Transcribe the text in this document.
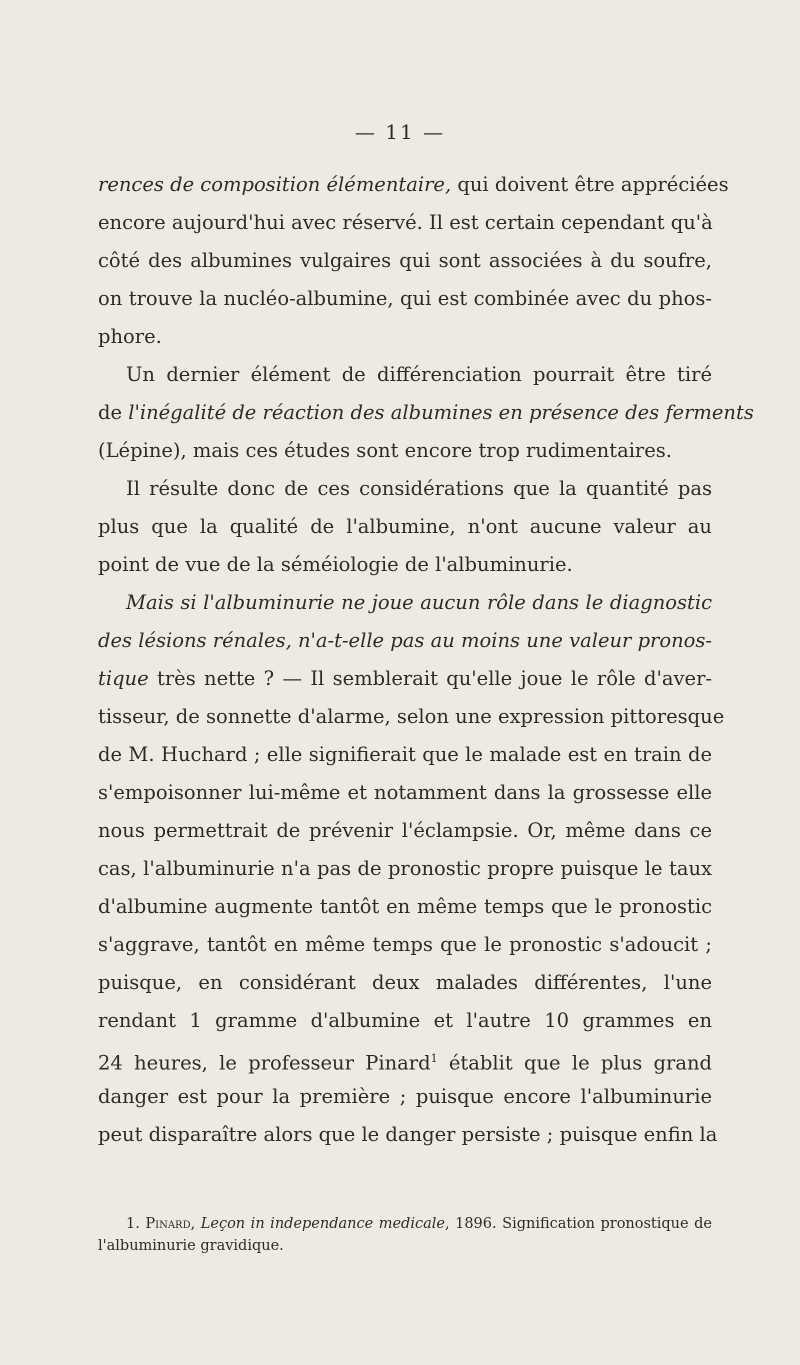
— 11 —
rences de composition élémentaire, qui doivent être appréciées
encore aujourd'hui avec réservé. Il est certain cependant qu'à
côté des albumines vulgaires qui sont associées à du soufre,
on trouve la nucléo-albumine, qui est combinée avec du phos-
phore.
Un dernier élément de différenciation pourrait être tiré
de l'inégalité de réaction des albumines en présence des ferments
(Lépine), mais ces études sont encore trop rudimentaires.
Il résulte donc de ces considérations que la quantité pas
plus que la qualité de l'albumine, n'ont aucune valeur au
point de vue de la séméiologie de l'albuminurie.
Mais si l'albuminurie ne joue aucun rôle dans le diagnostic
des lésions rénales, n'a-t-elle pas au moins une valeur pronos-
tique très nette ? — Il semblerait qu'elle joue le rôle d'aver-
tisseur, de sonnette d'alarme, selon une expression pittoresque
de M. Huchard ; elle signifierait que le malade est en train de
s'empoisonner lui-même et notamment dans la grossesse elle
nous permettrait de prévenir l'éclampsie. Or, même dans ce
cas, l'albuminurie n'a pas de pronostic propre puisque le taux
d'albumine augmente tantôt en même temps que le pronostic
s'aggrave, tantôt en même temps que le pronostic s'adoucit ;
puisque, en considérant deux malades différentes, l'une
rendant 1 gramme d'albumine et l'autre 10 grammes en
24 heures, le professeur Pinard$^1$ établit que le plus grand
danger est pour la première ; puisque encore l'albuminurie
peut disparaître alors que le danger persiste ; puisque enfin la
1. Pinard, Leçon in independance medicale, 1896. Signification pronostique de
l'albuminurie gravidique.
